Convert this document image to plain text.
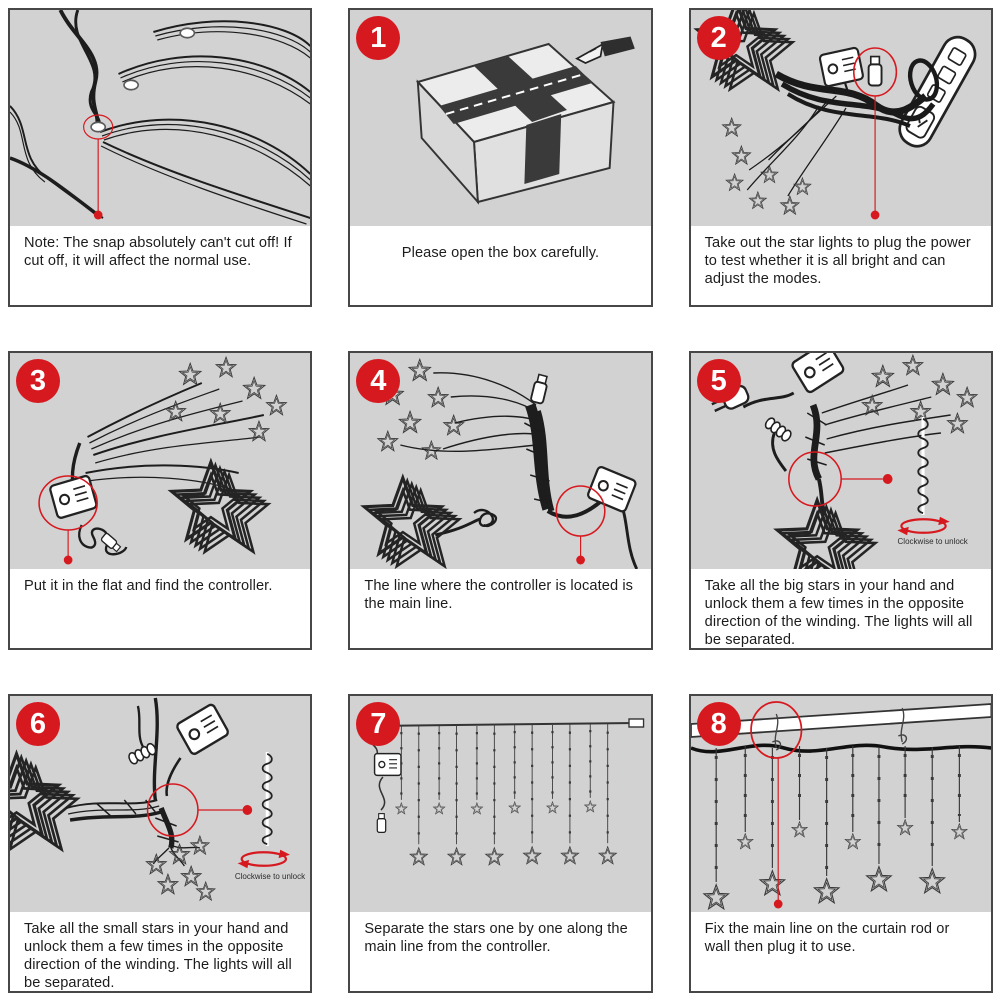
Note: The snap absolutely can't cut off! If cut off, it will affect the normal use.
1
Please open the box carefully.
2
Take out the star lights to plug the power to test whether it is all bright and can adjust the modes.
3
Put it in the flat and find the controller.
4
The line where the controller is located is the main line.
5
Clockwise to unlock
Take all the big stars in your hand and unlock them a few times in the opposite direction of the winding. The lights will all be separated.
6
Clockwise to unlock
Take all the small stars in your hand and unlock them a few times in the opposite direction of the winding. The lights will all be separated.
7
Separate the stars one by one along the main line from the controller.
8
Fix the main line on the curtain rod or wall then plug it to use.
